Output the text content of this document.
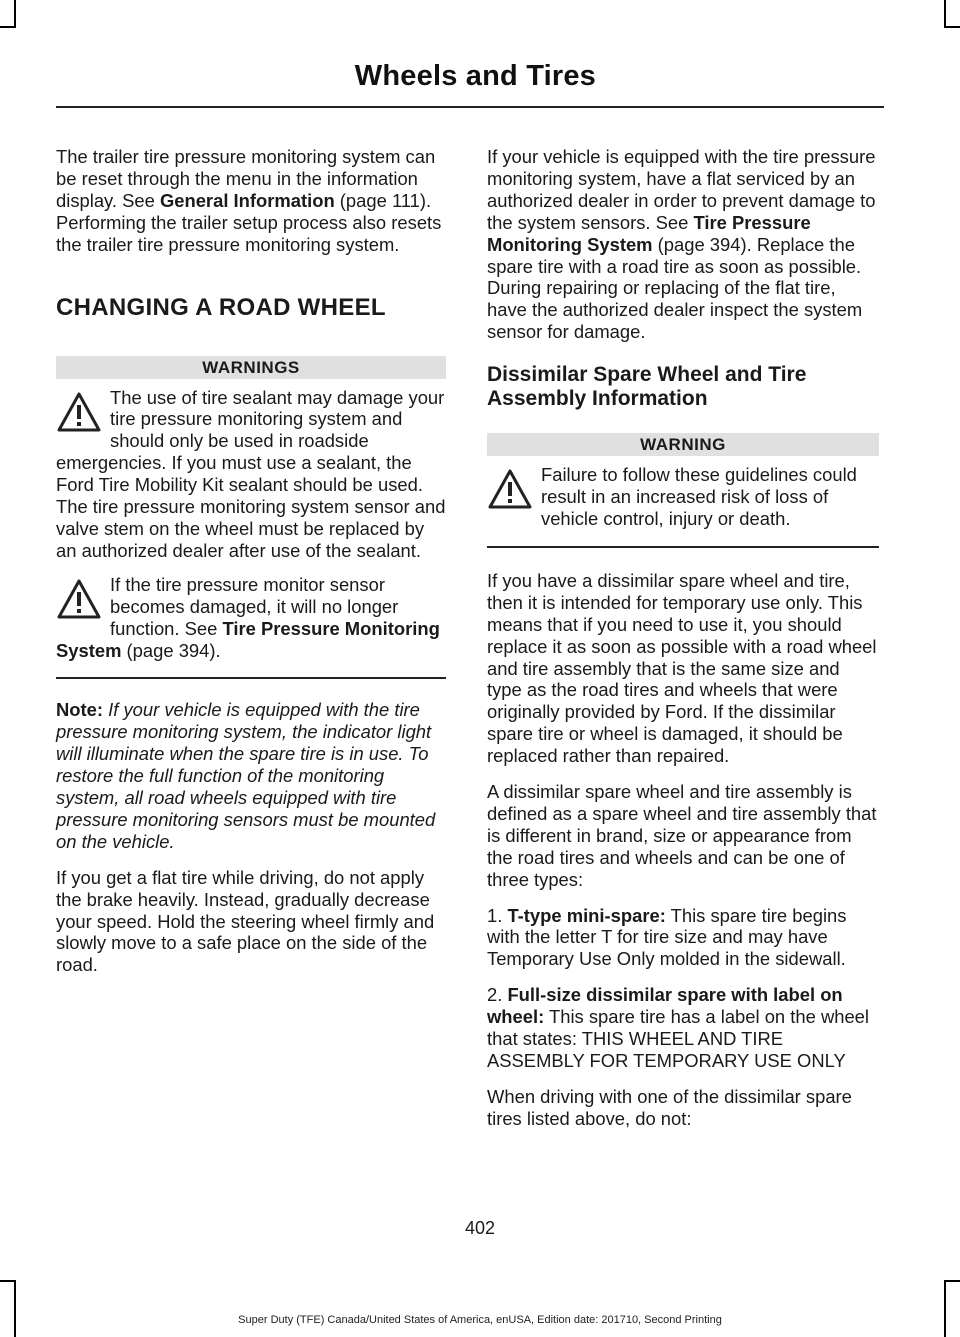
Wheels and Tires

The trailer tire pressure monitoring system can be reset through the menu in the information display. See General Information (page 111). Performing the trailer setup process also resets the trailer tire pressure monitoring system.

CHANGING A ROAD WHEEL
WARNINGS

The use of tire sealant may damage your tire pressure monitoring system and should only be used in roadside emergencies. If you must use a sealant, the Ford Tire Mobility Kit sealant should be used. The tire pressure monitoring system sensor and valve stem on the wheel must be replaced by an authorized dealer after use of the sealant.

If the tire pressure monitor sensor becomes damaged, it will no longer function. See Tire Pressure Monitoring System (page 394).

Note: If your vehicle is equipped with the tire pressure monitoring system, the indicator light will illuminate when the spare tire is in use. To restore the full function of the monitoring system, all road wheels equipped with tire pressure monitoring sensors must be mounted on the vehicle.

If you get a flat tire while driving, do not apply the brake heavily. Instead, gradually decrease your speed. Hold the steering wheel firmly and slowly move to a safe place on the side of the road.

If your vehicle is equipped with the tire pressure monitoring system, have a flat serviced by an authorized dealer in order to prevent damage to the system sensors. See Tire Pressure Monitoring System (page 394). Replace the spare tire with a road tire as soon as possible. During repairing or replacing of the flat tire, have the authorized dealer inspect the system sensor for damage.

Dissimilar Spare Wheel and Tire Assembly Information
WARNING

Failure to follow these guidelines could result in an increased risk of loss of vehicle control, injury or death.

If you have a dissimilar spare wheel and tire, then it is intended for temporary use only. This means that if you need to use it, you should replace it as soon as possible with a road wheel and tire assembly that is the same size and type as the road tires and wheels that were originally provided by Ford. If the dissimilar spare tire or wheel is damaged, it should be replaced rather than repaired.

A dissimilar spare wheel and tire assembly is defined as a spare wheel and tire assembly that is different in brand, size or appearance from the road tires and wheels and can be one of three types:

1. T-type mini-spare: This spare tire begins with the letter T for tire size and may have Temporary Use Only molded in the sidewall.

2. Full-size dissimilar spare with label on wheel: This spare tire has a label on the wheel that states: THIS WHEEL AND TIRE ASSEMBLY FOR TEMPORARY USE ONLY

When driving with one of the dissimilar spare tires listed above, do not:

402
Super Duty (TFE) Canada/United States of America, enUSA, Edition date: 201710, Second Printing
